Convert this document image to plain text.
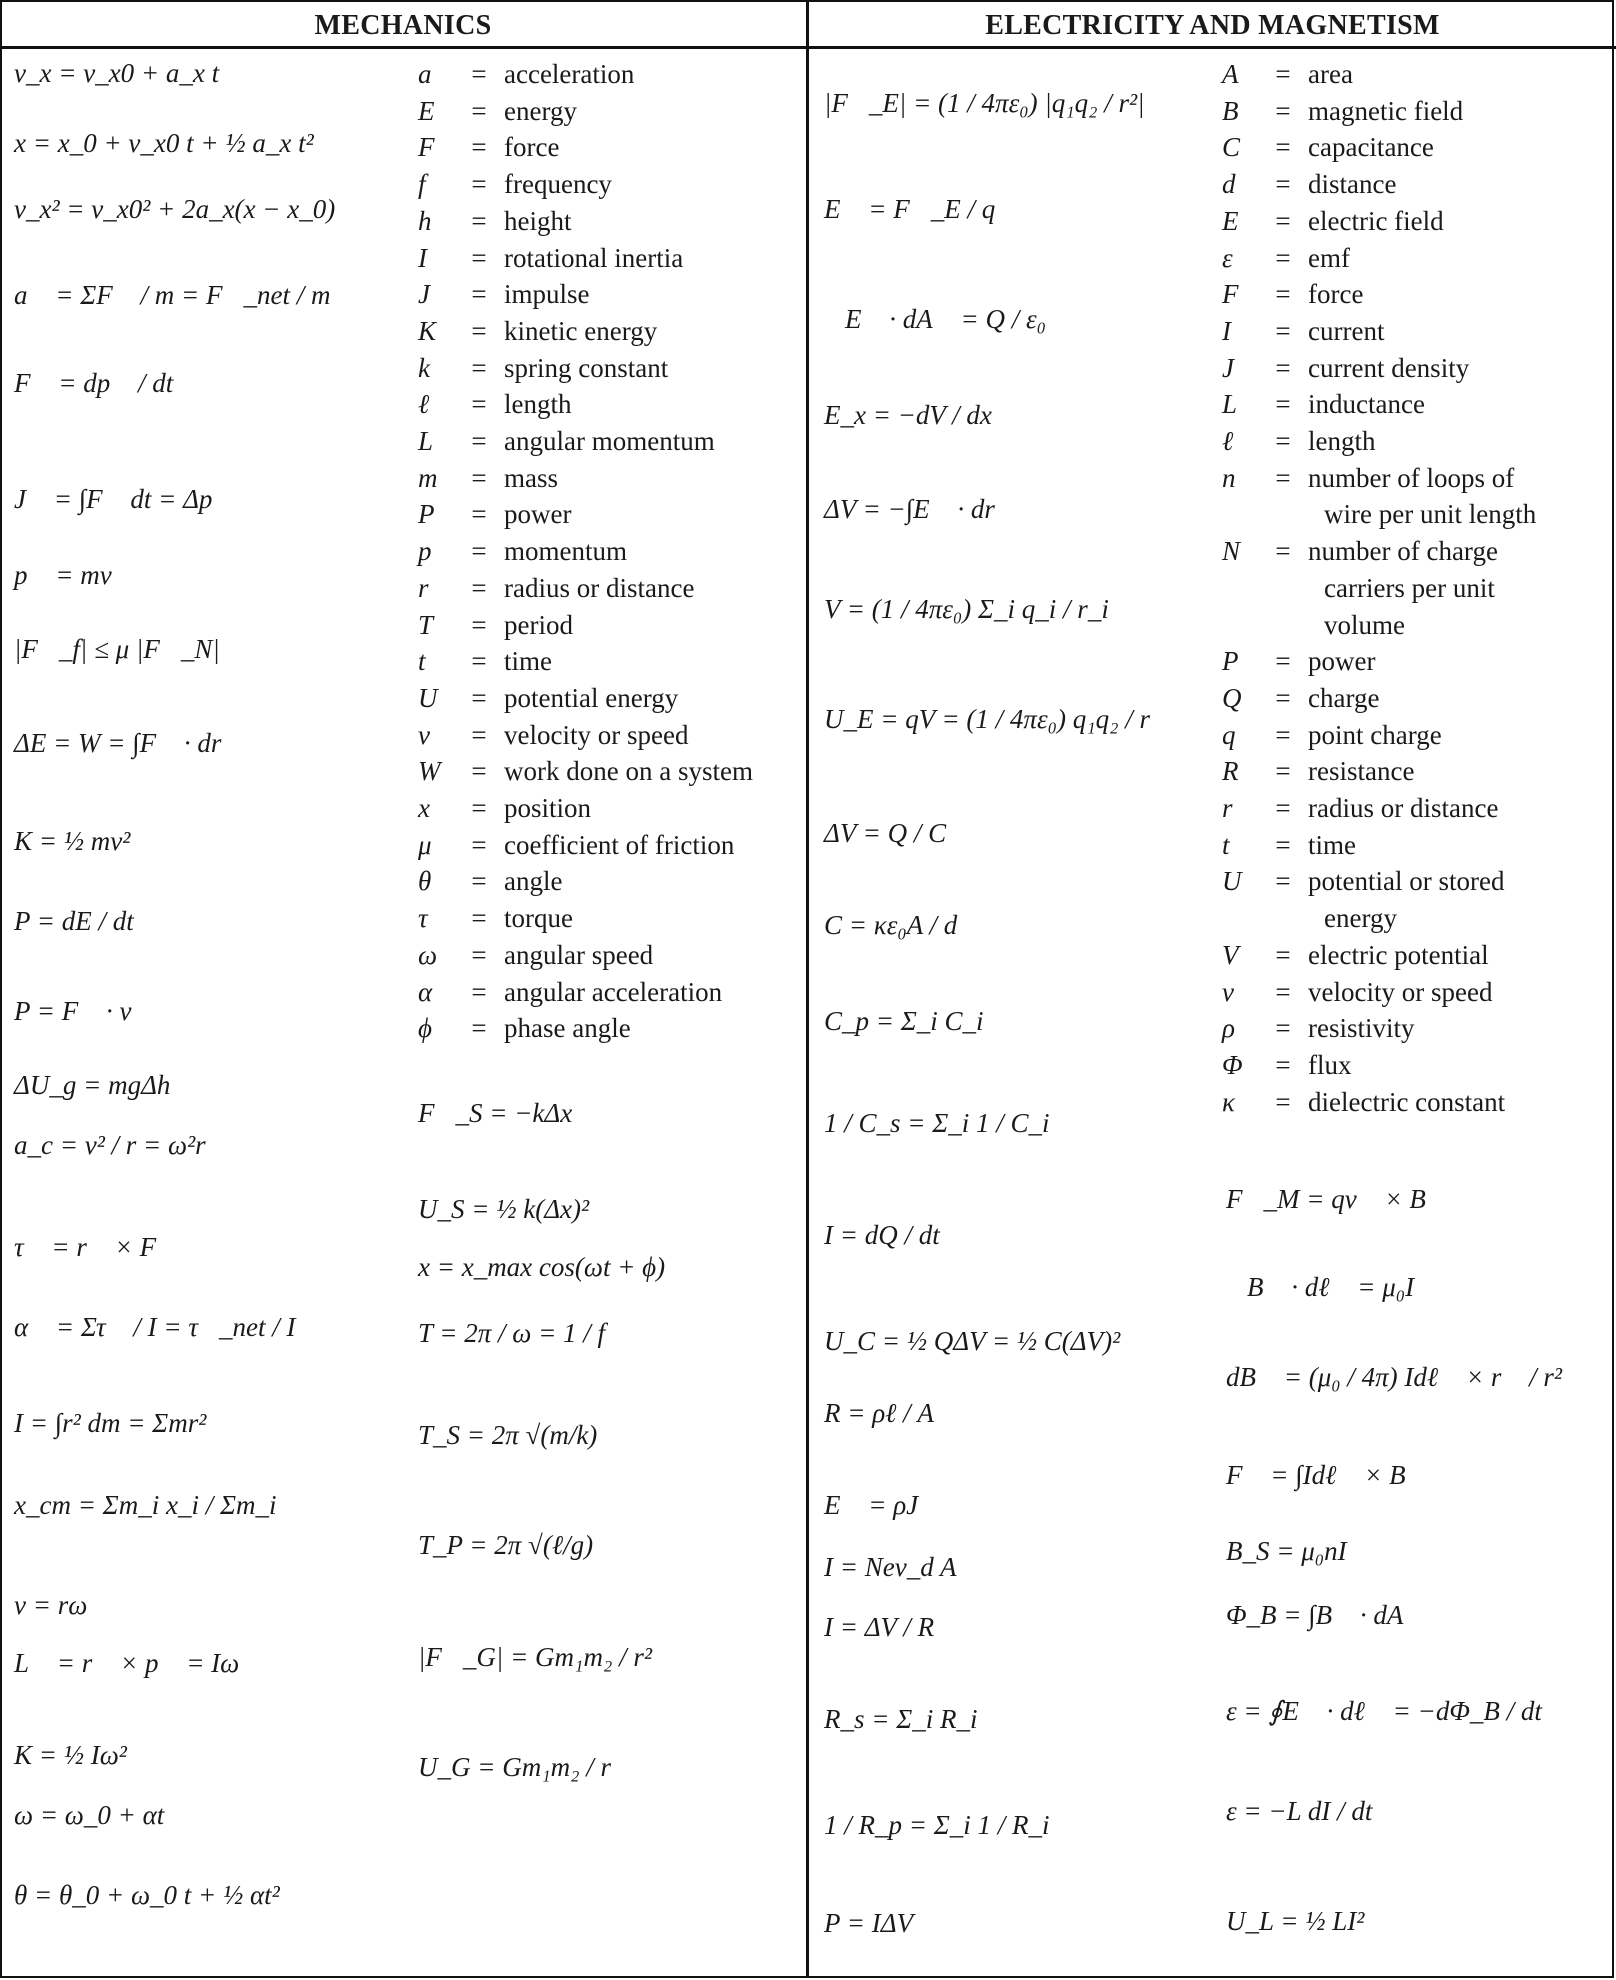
MECHANICS	ELECTRICITY AND MAGNETISM
v_x = v_x0 + a_x t
x = x_0 + v_x0 t + ½ a_x t²
v_x² = v_x0² + 2a_x(x − x_0)
a⃗ = ΣF⃗ / m = F⃗_net / m
F⃗ = dp⃗ / dt
J⃗ = ∫F⃗ dt = Δp⃗
p⃗ = mv⃗
|F⃗_f| ≤ μ |F⃗_N|
ΔE = W = ∫F⃗ · dr⃗
K = ½ mv²
P = dE / dt
P = F⃗ · v⃗
ΔU_g = mgΔh
a_c = v² / r = ω²r
τ⃗ = r⃗ × F⃗
α⃗ = Στ⃗ / I = τ⃗_net / I
I = ∫r² dm = Σmr²
x_cm = Σm_i x_i / Σm_i
v = rω
L⃗ = r⃗ × p⃗ = Iω⃗
K = ½ Iω²
ω = ω_0 + αt
θ = θ_0 + ω_0 t + ½ αt²
a	= acceleration
E	= energy
F	= force
f	= frequency
h	= height
I	= rotational inertia
J	= impulse
K	= kinetic energy
k	= spring constant
ℓ	= length
L	= angular momentum
m	= mass
P	= power
p	= momentum
r	= radius or distance
T	= period
t	= time
U	= potential energy
v	= velocity or speed
W	= work done on a system
x	= position
μ	= coefficient of friction
θ	= angle
τ	= torque
ω	= angular speed
α	= angular acceleration
ϕ	= phase angle
F⃗_S = −kΔx⃗
U_S = ½ k(Δx)²
x = x_max cos(ωt + ϕ)
T = 2π / ω = 1 / f
T_S = 2π √(m/k)
T_P = 2π √(ℓ/g)
|F⃗_G| = Gm₁m₂ / r²
U_G = Gm₁m₂ / r
|F⃗_E| = (1 / 4πε₀) |q₁q₂ / r²|
E⃗ = F⃗_E / q
∮E⃗ · dA⃗ = Q / ε₀
E_x = −dV / dx
ΔV = −∫E⃗ · dr⃗
V = (1 / 4πε₀) Σ_i q_i / r_i
U_E = qV = (1 / 4πε₀) q₁q₂ / r
ΔV = Q / C
C = κε₀A / d
C_p = Σ_i C_i
1 / C_s = Σ_i 1 / C_i
I = dQ / dt
U_C = ½ QΔV = ½ C(ΔV)²
R = ρℓ / A
E⃗ = ρJ⃗
I = Nev_d A
I = ΔV / R
R_s = Σ_i R_i
1 / R_p = Σ_i 1 / R_i
P = IΔV
A	= area
B	= magnetic field
C	= capacitance
d	= distance
E	= electric field
ε	= emf
F	= force
I	= current
J	= current density
L	= inductance
ℓ	= length
n	= number of loops of
wire per unit length
N	= number of charge
carriers per unit
volume
P	= power
Q	= charge
q	= point charge
R	= resistance
r	= radius or distance
t	= time
U	= potential or stored
energy
V	= electric potential
v	= velocity or speed
ρ	= resistivity
Φ	= flux
κ	= dielectric constant
F⃗_M = qv⃗ × B⃗
∮B⃗ · dℓ⃗ = μ₀I
dB⃗ = (μ₀ / 4π) Idℓ⃗ × r⃗ / r²
F⃗ = ∫Idℓ⃗ × B⃗
B_S = μ₀nI
Φ_B = ∫B⃗ · dA⃗
ε = ∮E⃗ · dℓ⃗ = −dΦ_B / dt
ε = −L dI / dt
U_L = ½ LI²
